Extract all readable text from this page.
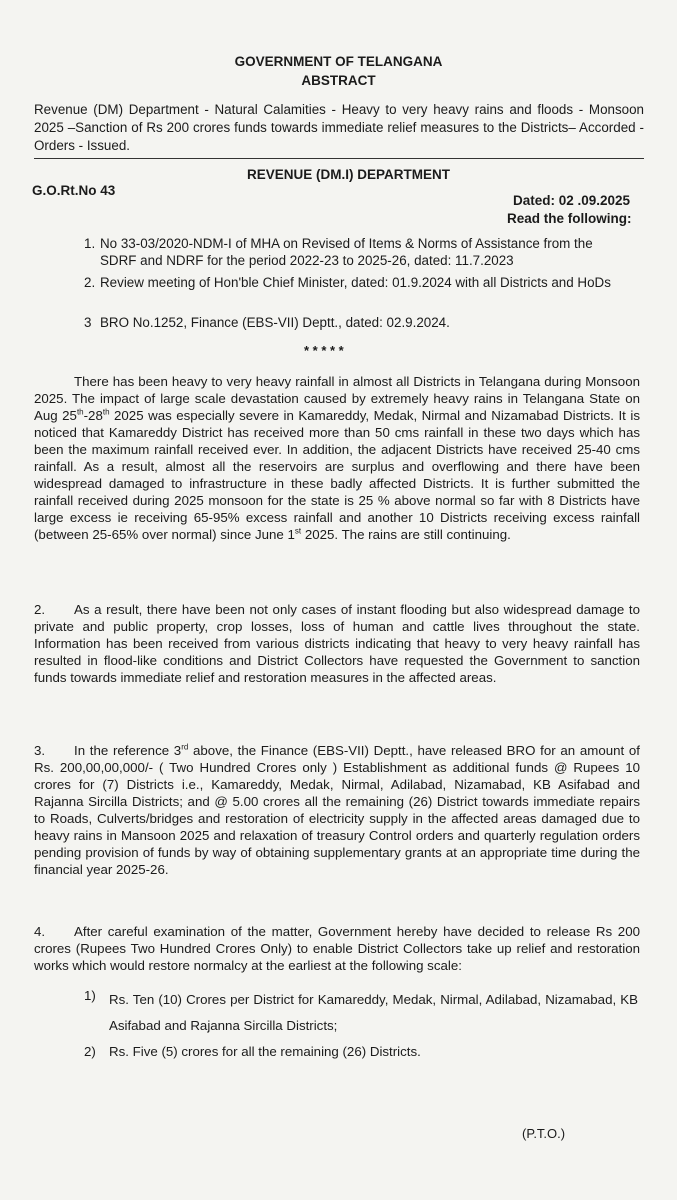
GOVERNMENT OF TELANGANA
ABSTRACT
Revenue (DM) Department - Natural Calamities - Heavy to very heavy rains and floods - Monsoon 2025 –Sanction of Rs 200 crores funds towards immediate relief measures to the Districts– Accorded - Orders - Issued.
REVENUE (DM.I) DEPARTMENT
G.O.Rt.No 43
Dated: 02 .09.2025
Read the following:
1. No 33-03/2020-NDM-I of MHA on Revised of Items & Norms of Assistance from the SDRF and NDRF for the period 2022-23 to 2025-26, dated: 11.7.2023
2. Review meeting of Hon'ble Chief Minister, dated: 01.9.2024 with all Districts and HoDs
3 BRO No.1252, Finance (EBS-VII) Deptt., dated: 02.9.2024.
* * * * *

There has been heavy to very heavy rainfall in almost all Districts in Telangana during Monsoon 2025. The impact of large scale devastation caused by extremely heavy rains in Telangana State on Aug 25th-28th 2025 was especially severe in Kamareddy, Medak, Nirmal and Nizamabad Districts. It is noticed that Kamareddy District has received more than 50 cms rainfall in these two days which has been the maximum rainfall received ever. In addition, the adjacent Districts have received 25-40 cms rainfall. As a result, almost all the reservoirs are surplus and overflowing and there have been widespread damaged to infrastructure in these badly affected Districts. It is further submitted the rainfall received during 2025 monsoon for the state is 25 % above normal so far with 8 Districts have large excess ie receiving 65-95% excess rainfall and another 10 Districts receiving excess rainfall (between 25-65% over normal) since June 1st 2025. The rains are still continuing.

2. As a result, there have been not only cases of instant flooding but also widespread damage to private and public property, crop losses, loss of human and cattle lives throughout the state. Information has been received from various districts indicating that heavy to very heavy rainfall has resulted in flood-like conditions and District Collectors have requested the Government to sanction funds towards immediate relief and restoration measures in the affected areas.

3. In the reference 3rd above, the Finance (EBS-VII) Deptt., have released BRO for an amount of Rs. 200,00,00,000/- ( Two Hundred Crores only ) Establishment as additional funds @ Rupees 10 crores for (7) Districts i.e., Kamareddy, Medak, Nirmal, Adilabad, Nizamabad, KB Asifabad and Rajanna Sircilla Districts; and @ 5.00 crores all the remaining (26) District towards immediate repairs to Roads, Culverts/bridges and restoration of electricity supply in the affected areas damaged due to heavy rains in Mansoon 2025 and relaxation of treasury Control orders and quarterly regulation orders pending provision of funds by way of obtaining supplementary grants at an appropriate time during the financial year 2025-26.

4. After careful examination of the matter, Government hereby have decided to release Rs 200 crores (Rupees Two Hundred Crores Only) to enable District Collectors take up relief and restoration works which would restore normalcy at the earliest at the following scale:

1) Rs. Ten (10) Crores per District for Kamareddy, Medak, Nirmal, Adilabad, Nizamabad, KB Asifabad and Rajanna Sircilla Districts;

2) Rs. Five (5) crores for all the remaining (26) Districts.

(P.T.O.)
